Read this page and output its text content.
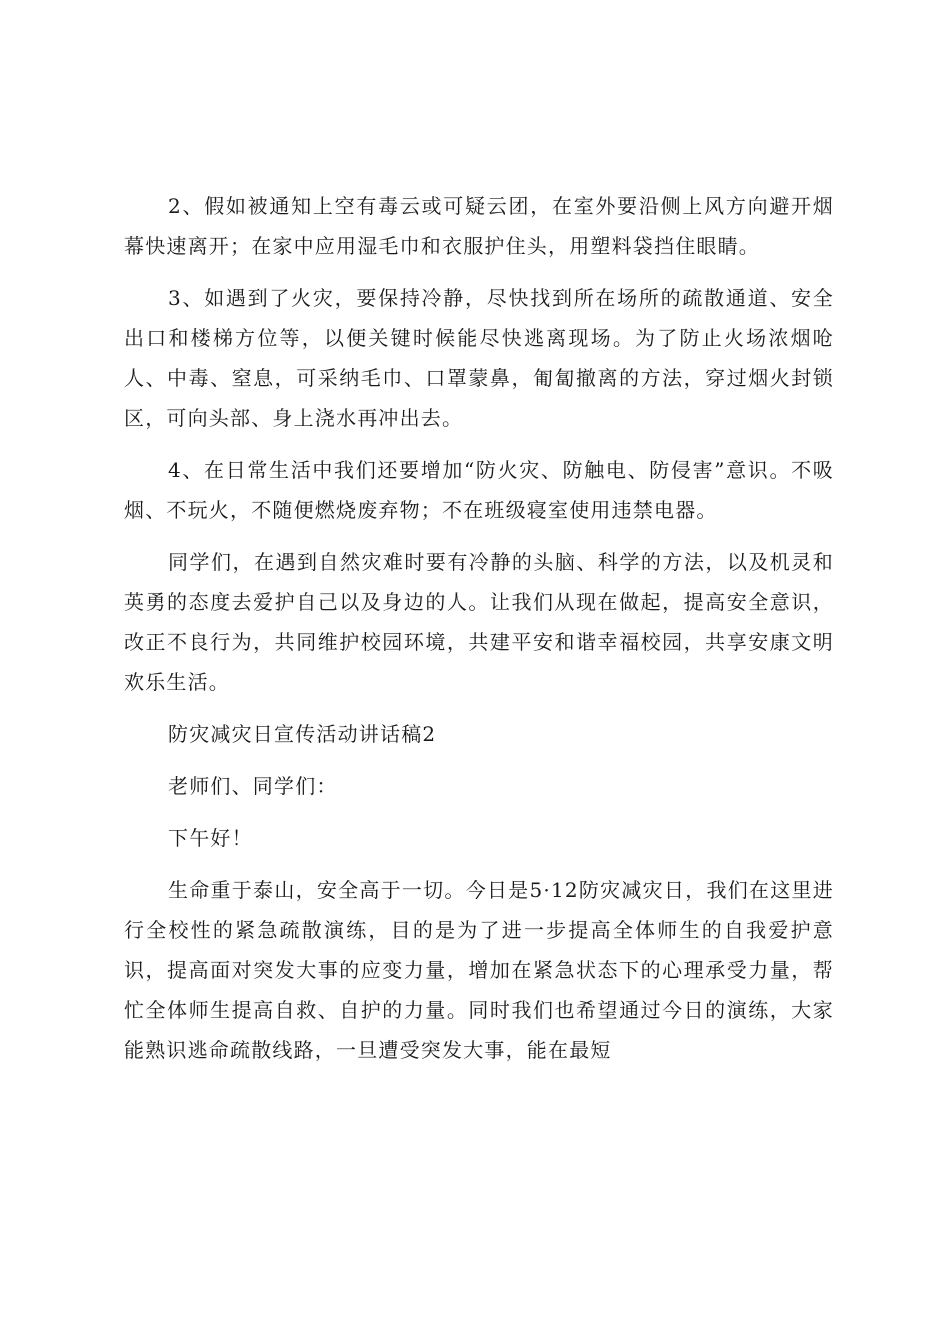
2、假如被通知上空有毒云或可疑云团，在室外要沿侧上风方向避开烟幕快速离开；在家中应用湿毛巾和衣服护住头，用塑料袋挡住眼睛。

3、如遇到了火灾，要保持冷静，尽快找到所在场所的疏散通道、安全出口和楼梯方位等，以便关键时候能尽快逃离现场。为了防止火场浓烟呛人、中毒、窒息，可采纳毛巾、口罩蒙鼻，匍匐撤离的方法，穿过烟火封锁区，可向头部、身上浇水再冲出去。

4、在日常生活中我们还要增加“防火灾、防触电、防侵害”意识。不吸烟、不玩火，不随便燃烧废弃物；不在班级寝室使用违禁电器。

同学们，在遇到自然灾难时要有冷静的头脑、科学的方法，以及机灵和英勇的态度去爱护自己以及身边的人。让我们从现在做起，提高安全意识，改正不良行为，共同维护校园环境，共建平安和谐幸福校园，共享安康文明欢乐生活。

防灾减灾日宣传活动讲话稿2

老师们、同学们：

下午好！

生命重于泰山，安全高于一切。今日是5·12防灾减灾日，我们在这里进行全校性的紧急疏散演练，目的是为了进一步提高全体师生的自我爱护意识，提高面对突发大事的应变力量，增加在紧急状态下的心理承受力量，帮忙全体师生提高自救、自护的力量。同时我们也希望通过今日的演练，大家能熟识逃命疏散线路，一旦遭受突发大事，能在最短
